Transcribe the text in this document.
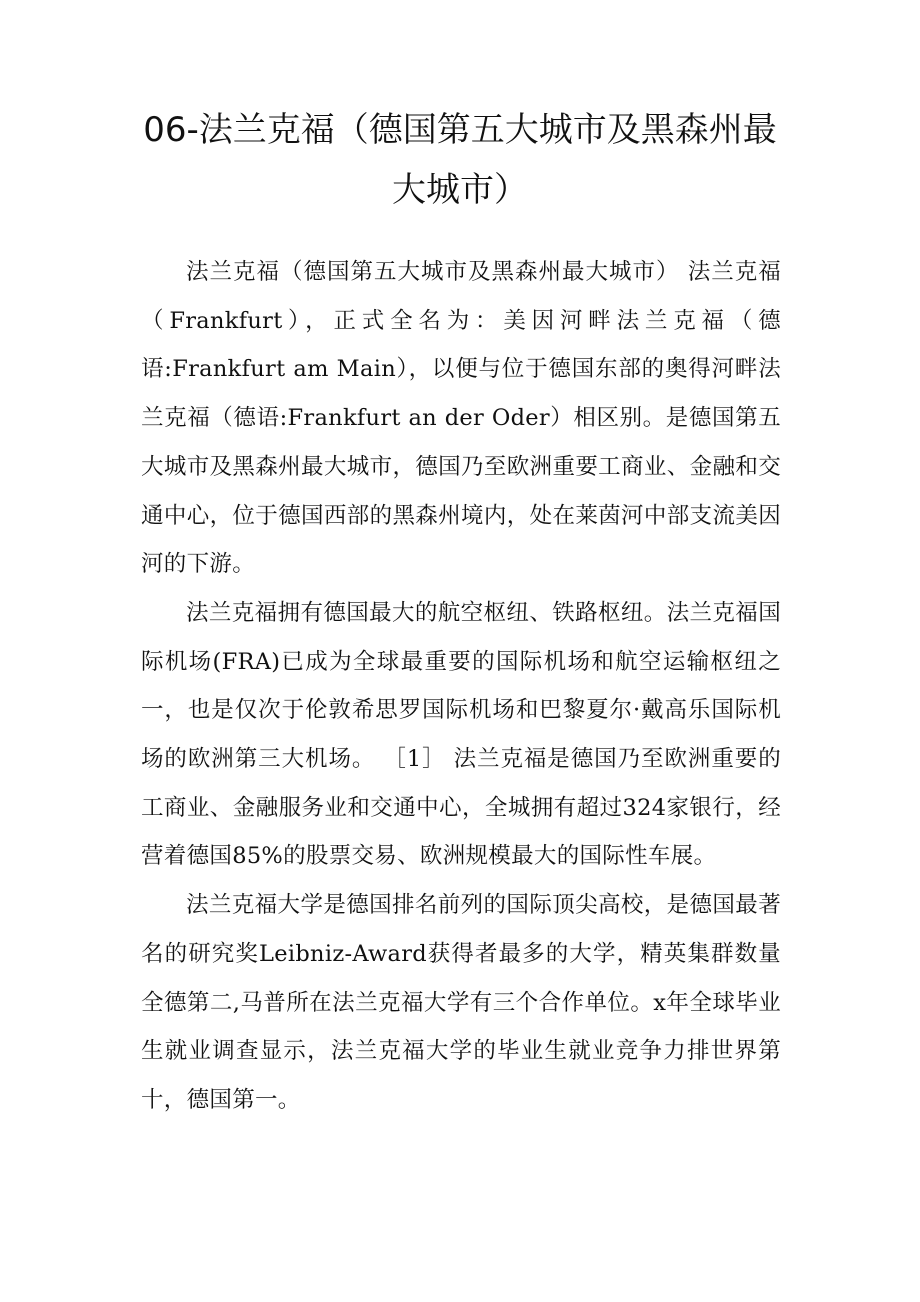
06-法兰克福（德国第五大城市及黑森州最大城市）

法兰克福（德国第五大城市及黑森州最大城市） 法兰克福（Frankfurt），正式全名为：美因河畔法兰克福（德语:Frankfurt am Main），以便与位于德国东部的奥得河畔法兰克福（德语:Frankfurt an der Oder）相区别。是德国第五大城市及黑森州最大城市，德国乃至欧洲重要工商业、金融和交通中心，位于德国西部的黑森州境内，处在莱茵河中部支流美因河的下游。

法兰克福拥有德国最大的航空枢纽、铁路枢纽。法兰克福国际机场(FRA)已成为全球最重要的国际机场和航空运输枢纽之一，也是仅次于伦敦希思罗国际机场和巴黎夏尔·戴高乐国际机场的欧洲第三大机场。 ［1］ 法兰克福是德国乃至欧洲重要的工商业、金融服务业和交通中心，全城拥有超过324家银行，经营着德国85%的股票交易、欧洲规模最大的国际性车展。

法兰克福大学是德国排名前列的国际顶尖高校，是德国最著名的研究奖Leibniz-Award获得者最多的大学，精英集群数量全德第二,马普所在法兰克福大学有三个合作单位。x年全球毕业生就业调查显示，法兰克福大学的毕业生就业竞争力排世界第十，德国第一。
